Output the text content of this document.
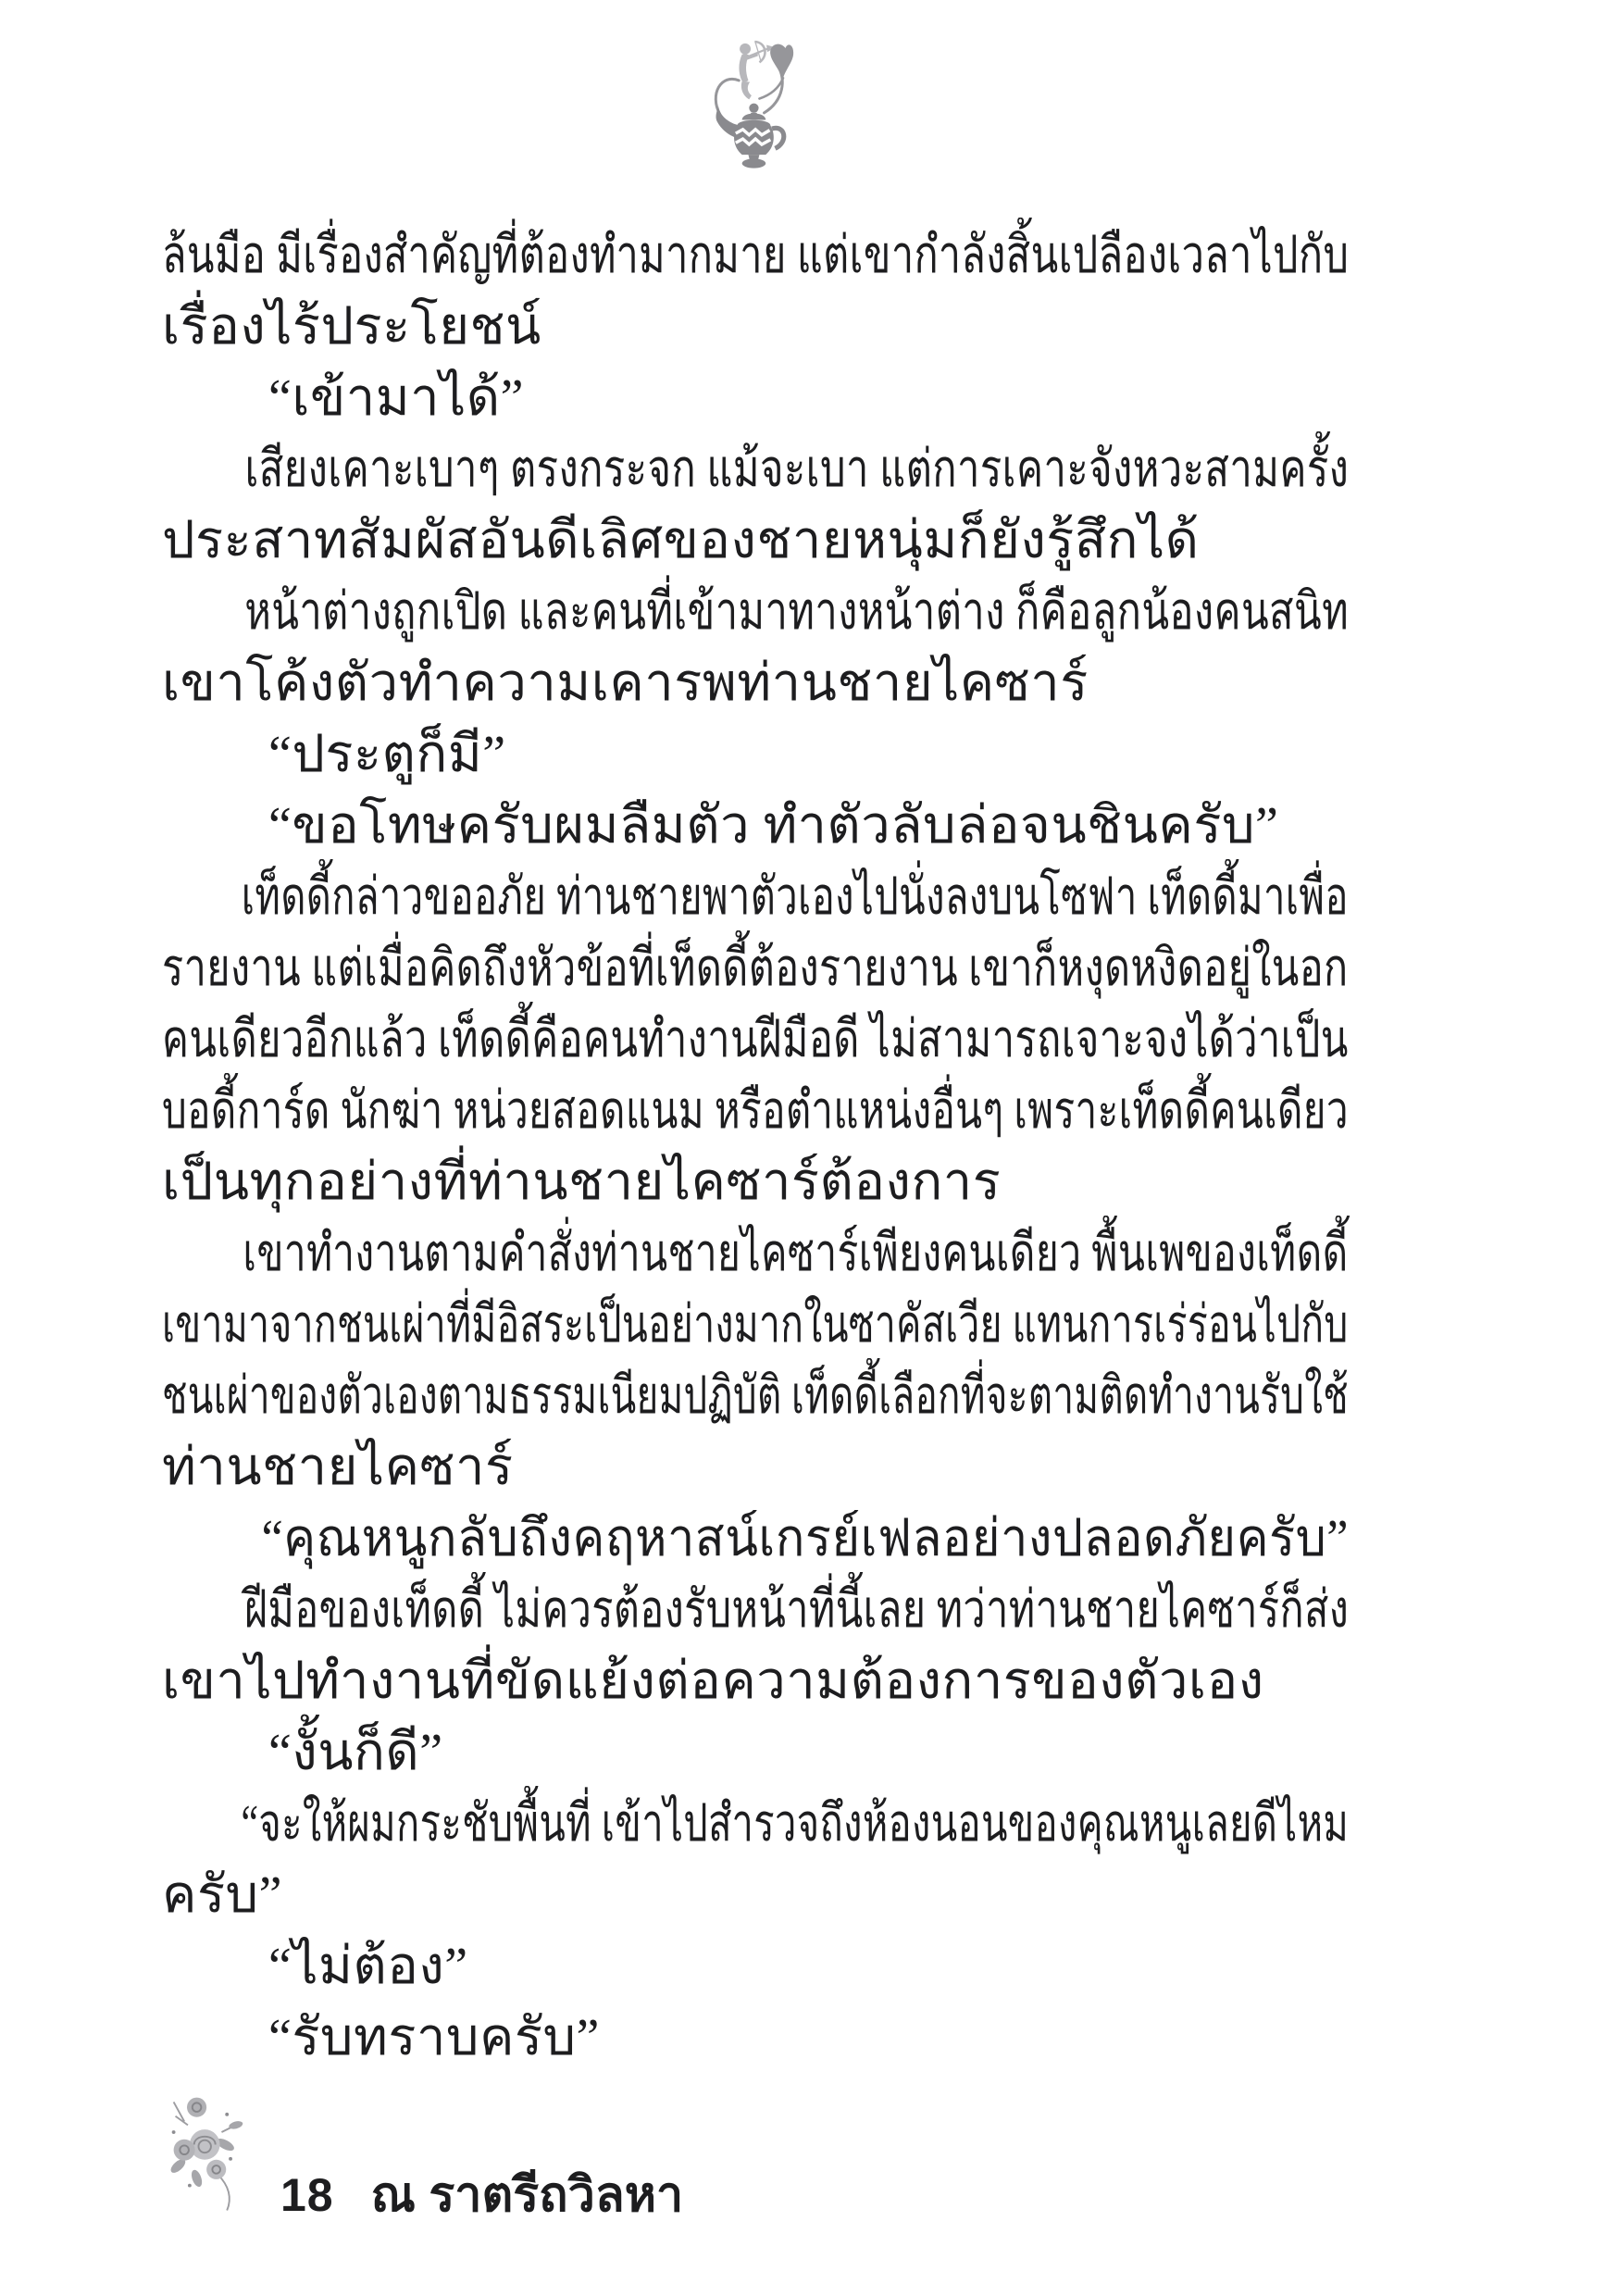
ล้นมือ มีเรื่องสำคัญที่ต้องทำมากมาย แต่เขากำลังสิ้นเปลืองเวลาไปกับ
เรื่องไร้ประโยชน์
“เข้ามาได้”
เสียงเคาะเบาๆ ตรงกระจก แม้จะเบา แต่การเคาะจังหวะสามครั้ง
ประสาทสัมผัสอันดีเลิศของชายหนุ่มก็ยังรู้สึกได้
หน้าต่างถูกเปิด และคนที่เข้ามาทางหน้าต่าง ก็คือลูกน้องคนสนิท
เขาโค้งตัวทำความเคารพท่านชายไคซาร์
“ประตูก็มี”
“ขอโทษครับผมลืมตัว ทำตัวลับล่อจนชินครับ”
เท็ดดี้กล่าวขออภัย ท่านชายพาตัวเองไปนั่งลงบนโซฟา เท็ดดี้มาเพื่อ
รายงาน แต่เมื่อคิดถึงหัวข้อที่เท็ดดี้ต้องรายงาน เขาก็หงุดหงิดอยู่ในอก
คนเดียวอีกแล้ว เท็ดดี้คือคนทำงานฝีมือดี ไม่สามารถเจาะจงได้ว่าเป็น
บอดี้การ์ด นักฆ่า หน่วยสอดแนม หรือตำแหน่งอื่นๆ เพราะเท็ดดี้คนเดียว
เป็นทุกอย่างที่ท่านชายไคซาร์ต้องการ
เขาทำงานตามคำสั่งท่านชายไคซาร์เพียงคนเดียว พื้นเพของเท็ดดี้
เขามาจากชนเผ่าที่มีอิสระเป็นอย่างมากในซาคัสเวีย แทนการเร่ร่อนไปกับ
ชนเผ่าของตัวเองตามธรรมเนียมปฏิบัติ เท็ดดี้เลือกที่จะตามติดทำงานรับใช้
ท่านชายไคซาร์
“คุณหนูกลับถึงคฤหาสน์เกรย์เฟลอย่างปลอดภัยครับ”
ฝีมือของเท็ดดี้ ไม่ควรต้องรับหน้าที่นี้เลย ทว่าท่านชายไคซาร์ก็ส่ง
เขาไปทำงานที่ขัดแย้งต่อความต้องการของตัวเอง
“งั้นก็ดี”
“จะให้ผมกระชับพื้นที่ เข้าไปสำรวจถึงห้องนอนของคุณหนูเลยดีไหม
ครับ”
“ไม่ต้อง”
“รับทราบครับ”
18 ณ ราตรีถวิลหา
